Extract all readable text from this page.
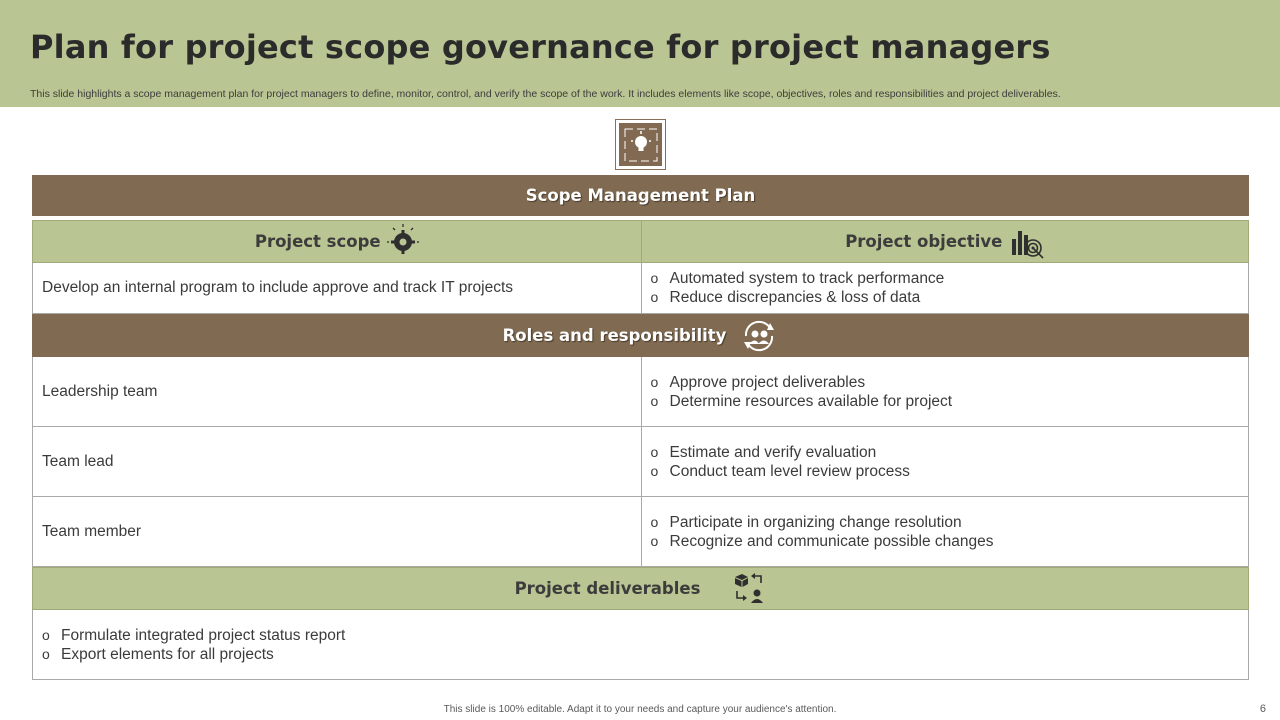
Plan for project scope governance for project managers
This slide highlights a scope management plan for project managers to define, monitor, control, and verify the scope of the work. It includes elements like scope, objectives, roles and responsibilities and project deliverables.
Scope Management Plan
Project scope	Project objective
Develop an internal program to include approve and track IT projects
o Automated system to track performance
o Reduce discrepancies & loss of data
Roles and responsibility
Leadership team
o Approve project deliverables
o Determine resources available for project
Team lead
o Estimate and verify evaluation
o Conduct team level review process
Team member
o Participate in organizing change resolution
o Recognize and communicate possible changes
Project deliverables
o Formulate integrated project status report
o Export elements for all projects
This slide is 100% editable. Adapt it to your needs and capture your audience's attention.	6
